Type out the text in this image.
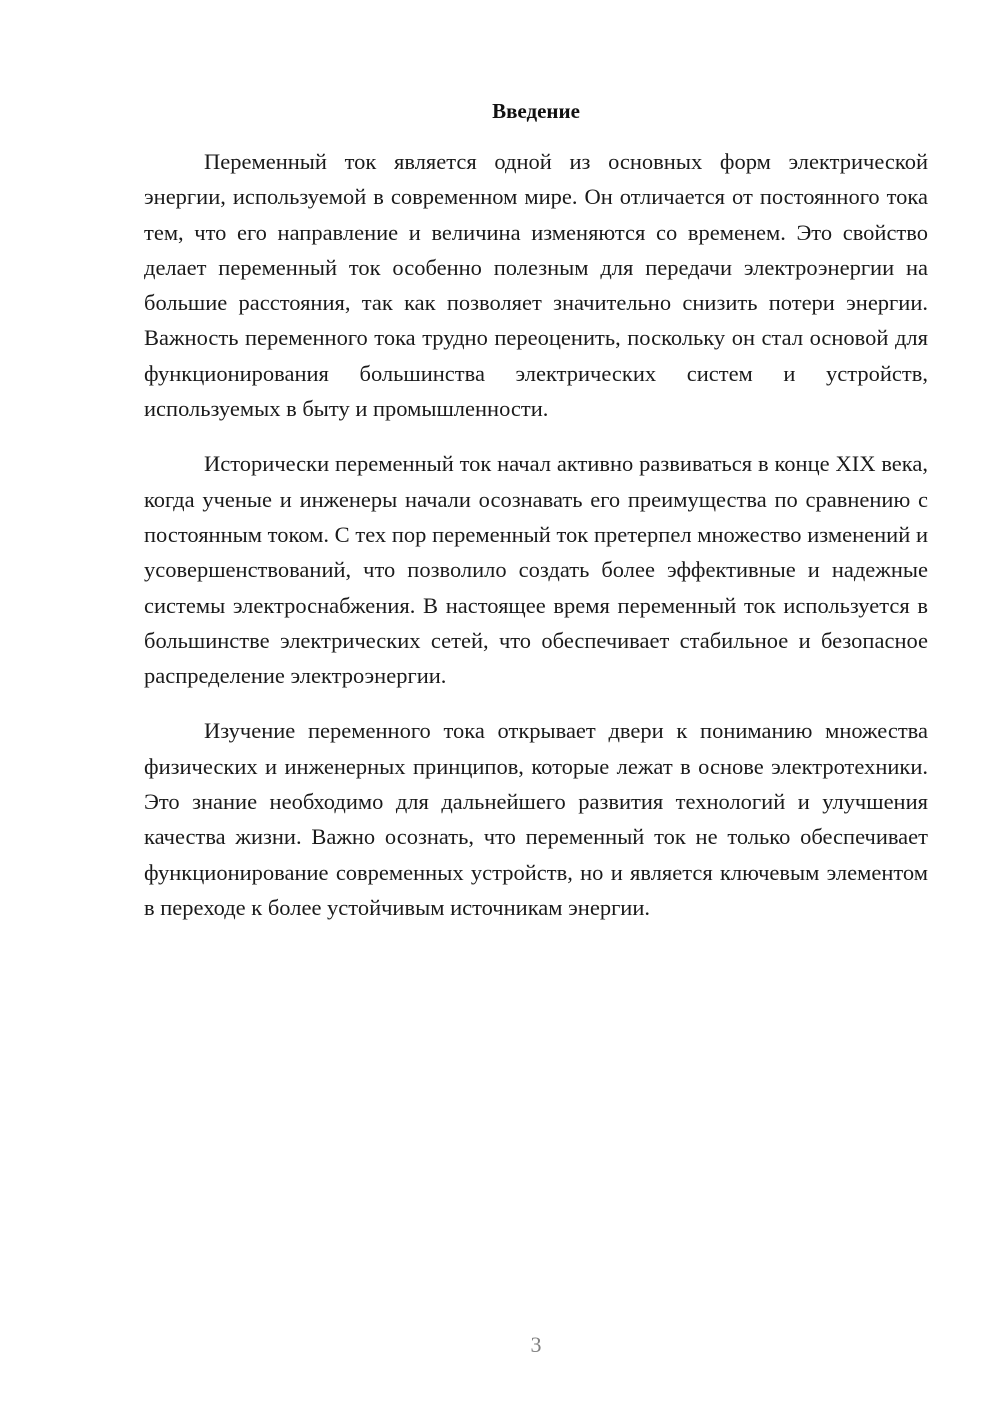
Введение

Переменный ток является одной из основных форм электрической энергии, используемой в современном мире. Он отличается от постоянного тока тем, что его направление и величина изменяются со временем. Это свойство делает переменный ток особенно полезным для передачи электроэнергии на большие расстояния, так как позволяет значительно снизить потери энергии. Важность переменного тока трудно переоценить, поскольку он стал основой для функционирования большинства электрических систем и устройств, используемых в быту и промышленности.

Исторически переменный ток начал активно развиваться в конце XIX века, когда ученые и инженеры начали осознавать его преимущества по сравнению с постоянным током. С тех пор переменный ток претерпел множество изменений и усовершенствований, что позволило создать более эффективные и надежные системы электроснабжения. В настоящее время переменный ток используется в большинстве электрических сетей, что обеспечивает стабильное и безопасное распределение электроэнергии.

Изучение переменного тока открывает двери к пониманию множества физических и инженерных принципов, которые лежат в основе электротехники. Это знание необходимо для дальнейшего развития технологий и улучшения качества жизни. Важно осознать, что переменный ток не только обеспечивает функционирование современных устройств, но и является ключевым элементом в переходе к более устойчивым источникам энергии.

3
